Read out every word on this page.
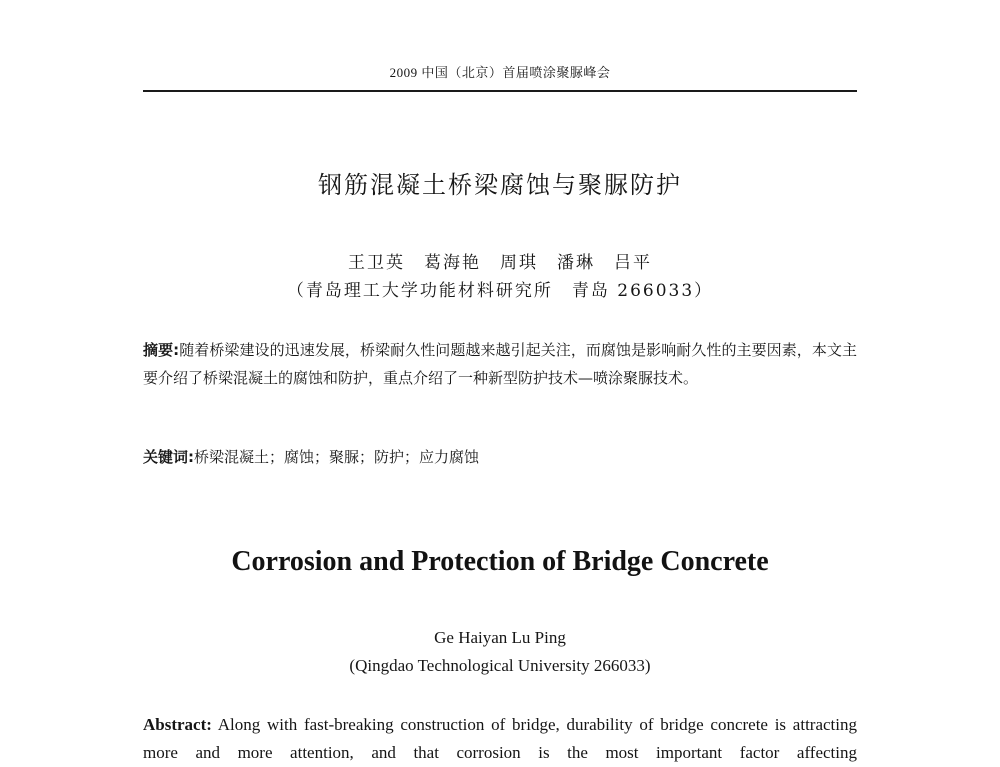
2009 中国（北京）首届喷涂聚脲峰会
钢筋混凝土桥梁腐蚀与聚脲防护
王卫英　葛海艳　周琪　潘琳　吕平
（青岛理工大学功能材料研究所　青岛 266033）

摘要:随着桥梁建设的迅速发展，桥梁耐久性问题越来越引起关注，而腐蚀是影响耐久性的主要因素，本文主要介绍了桥梁混凝土的腐蚀和防护，重点介绍了一种新型防护技术—喷涂聚脲技术。

关键词:桥梁混凝土；腐蚀；聚脲；防护；应力腐蚀

Corrosion and Protection of Bridge Concrete
Ge Haiyan Lu Ping
(Qingdao Technological University 266033)

Abstract: Along with fast-breaking construction of bridge, durability of bridge concrete is attracting more and more attention, and that corrosion is the most important factor affecting
